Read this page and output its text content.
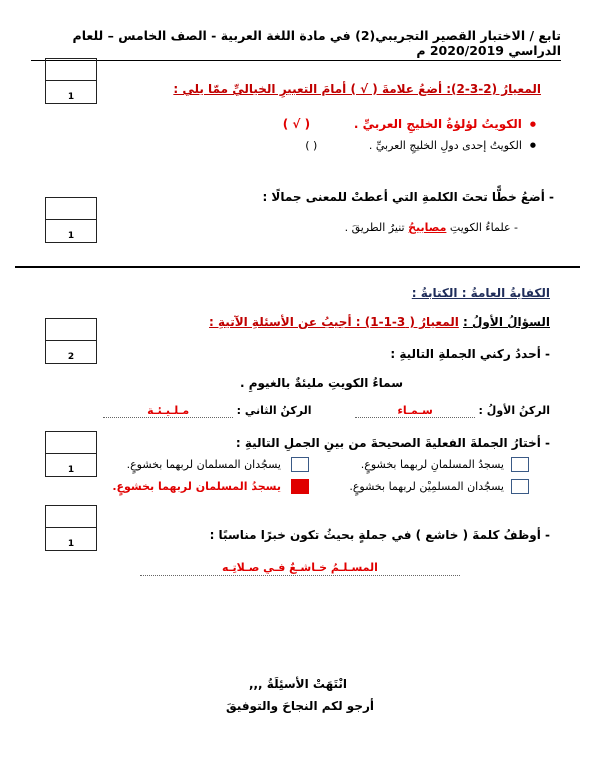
تابع / الاختبار القصير التجريبي(2) في مادة اللغة العربية - الصف الخامس – للعام الدراسي 2020/2019 م
1
1
2
1
1
المعيارُ (2-3-2): أضعُ علامةَ ( √ ) أمامَ التعبيرِ الخياليِّ ممّا يلي :
● الكويتُ لؤلؤةُ الخليجِ العربيِّ . ( √ )
● الكويتُ إحدى دولِ الخليجِ العربيِّ . ( )
- أضعُ خطًّا تحتَ الكلمةِ التي أعطتْ للمعنى جمالًا :
- علماءُ الكويتِ مصابيحُ تنيرُ الطريقَ .
الكفايةُ العامةُ : الكتابةُ :
السؤالُ الأولُ : المعيارُ ( 3-1-1) : أجيبُ عن الأسئلةِ الآتيةِ :
- أحددُ ركني الجملةِ التاليةِ :
سماءُ الكويتِ مليئةٌ بالغيومِ .
الركنُ الأولُ : سـمـاء الركنُ الثاني : مـلـيـئـة
- أختارُ الجملةَ الفعليةَ الصحيحةَ من بينِ الجملِ التاليةِ :
يسجدُ المسلمانِ لربهما بخشوعٍ.
يسجُدان المسلمان لربهما بخشوعٍ.
يسجدُ المسلمان لربهما بخشوعٍ.	يسجُدان المسلمِيْن لربهما بخشوعٍ.
- أوظفُ كلمةَ ( خاشع ) في جملةٍ بحيثُ تكون خبرًا مناسبًا :
المسـلـمُ خـاشـعٌ فـي صـلاتِـه
انْتَهَتْ الأسئِلَةُ ,,,
أرجو لكم النجاحَ والتوفيقَ
